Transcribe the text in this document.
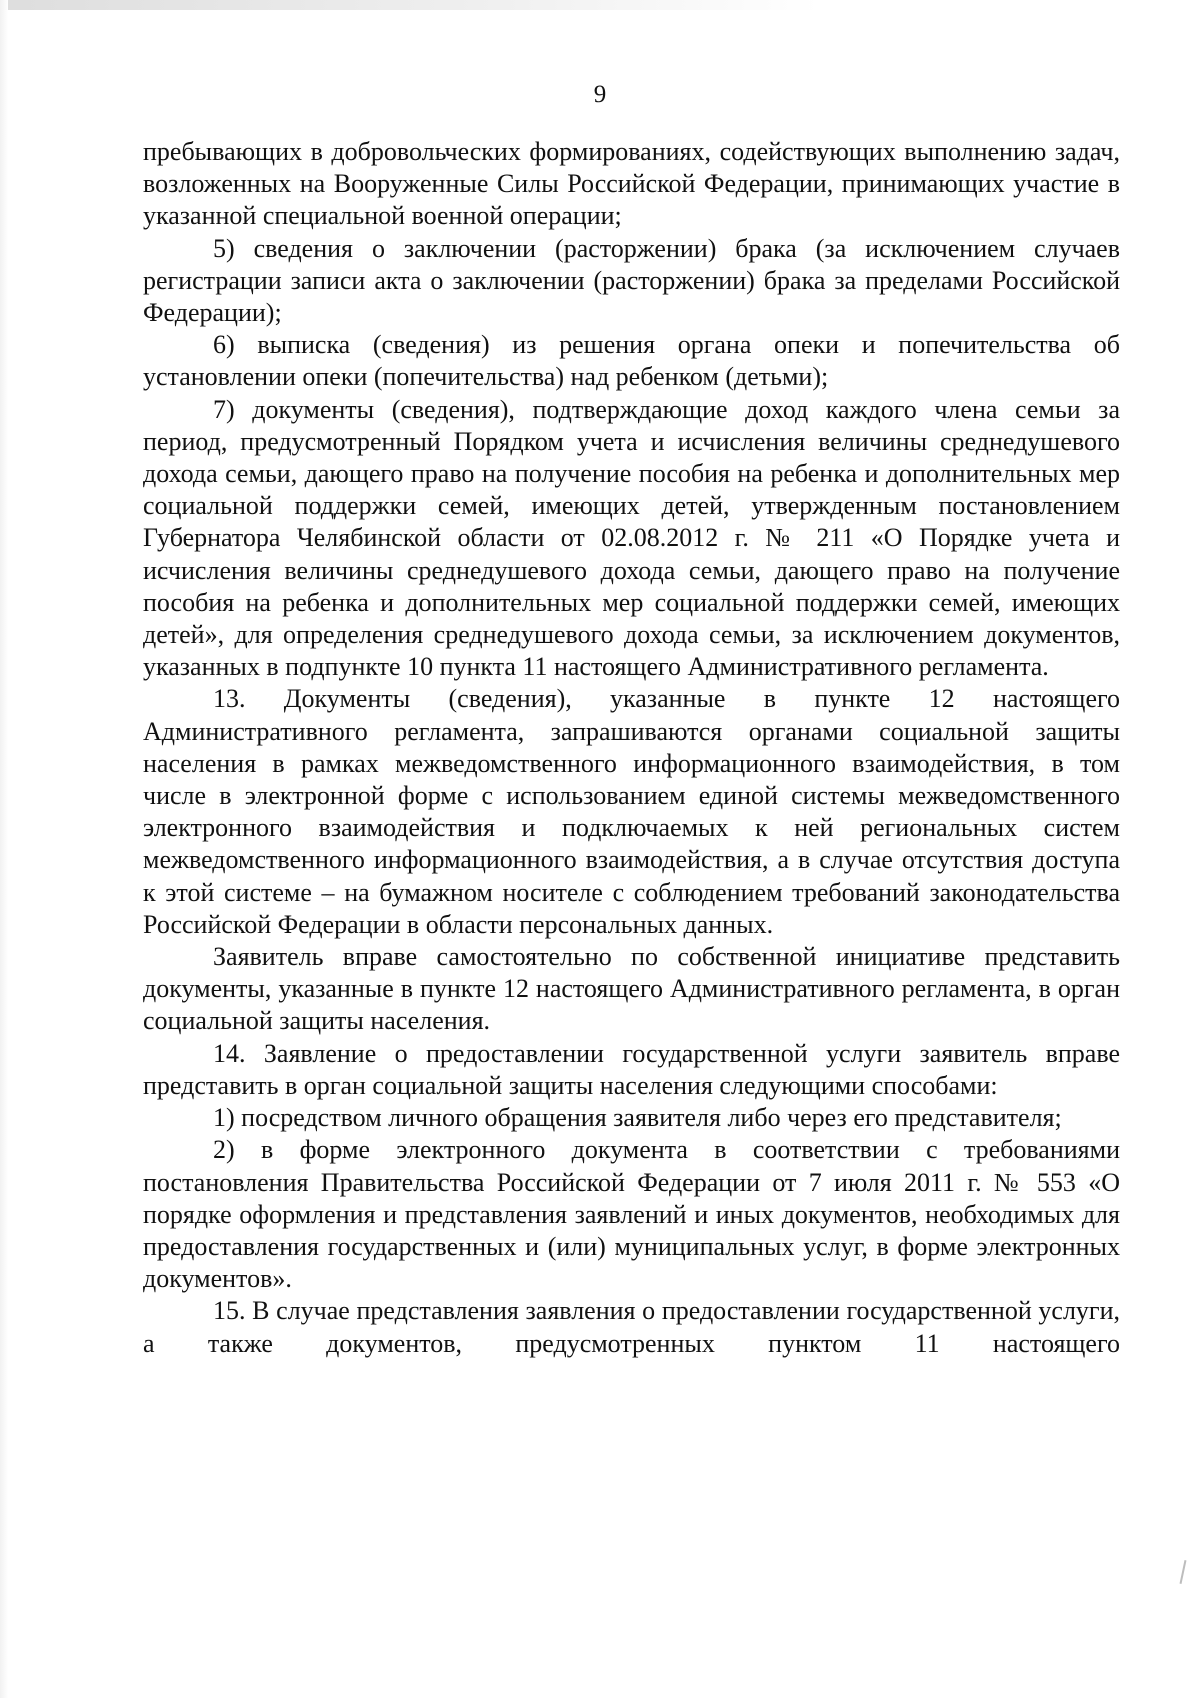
9

пребывающих в добровольческих формированиях, содействующих выполнению задач, возложенных на Вооруженные Силы Российской Федерации, принимающих участие в указанной специальной военной операции;

5) сведения о заключении (расторжении) брака (за исключением случаев регистрации записи акта о заключении (расторжении) брака за пределами Российской Федерации);

6) выписка (сведения) из решения органа опеки и попечительства об установлении опеки (попечительства) над ребенком (детьми);

7) документы (сведения), подтверждающие доход каждого члена семьи за период, предусмотренный Порядком учета и исчисления величины среднедушевого дохода семьи, дающего право на получение пособия на ребенка и дополнительных мер социальной поддержки семей, имеющих детей, утвержденным постановлением Губернатора Челябинской области от 02.08.2012 г. № 211 «О Порядке учета и исчисления величины среднедушевого дохода семьи, дающего право на получение пособия на ребенка и дополнительных мер социальной поддержки семей, имеющих детей», для определения среднедушевого дохода семьи, за исключением документов, указанных в подпункте 10 пункта 11 настоящего Административного регламента.

13. Документы (сведения), указанные в пункте 12 настоящего Административного регламента, запрашиваются органами социальной защиты населения в рамках межведомственного информационного взаимодействия, в том числе в электронной форме с использованием единой системы межведомственного электронного взаимодействия и подключаемых к ней региональных систем межведомственного информационного взаимодействия, а в случае отсутствия доступа к этой системе – на бумажном носителе с соблюдением требований законодательства Российской Федерации в области персональных данных.

Заявитель вправе самостоятельно по собственной инициативе представить документы, указанные в пункте 12 настоящего Административного регламента, в орган социальной защиты населения.

14. Заявление о предоставлении государственной услуги заявитель вправе представить в орган социальной защиты населения следующими способами:

1) посредством личного обращения заявителя либо через его представителя;

2) в форме электронного документа в соответствии с требованиями постановления Правительства Российской Федерации от 7 июля 2011 г. № 553 «О порядке оформления и представления заявлений и иных документов, необходимых для предоставления государственных и (или) муниципальных услуг, в форме электронных документов».

15. В случае представления заявления о предоставлении государственной услуги, а также документов, предусмотренных пунктом 11 настоящего
